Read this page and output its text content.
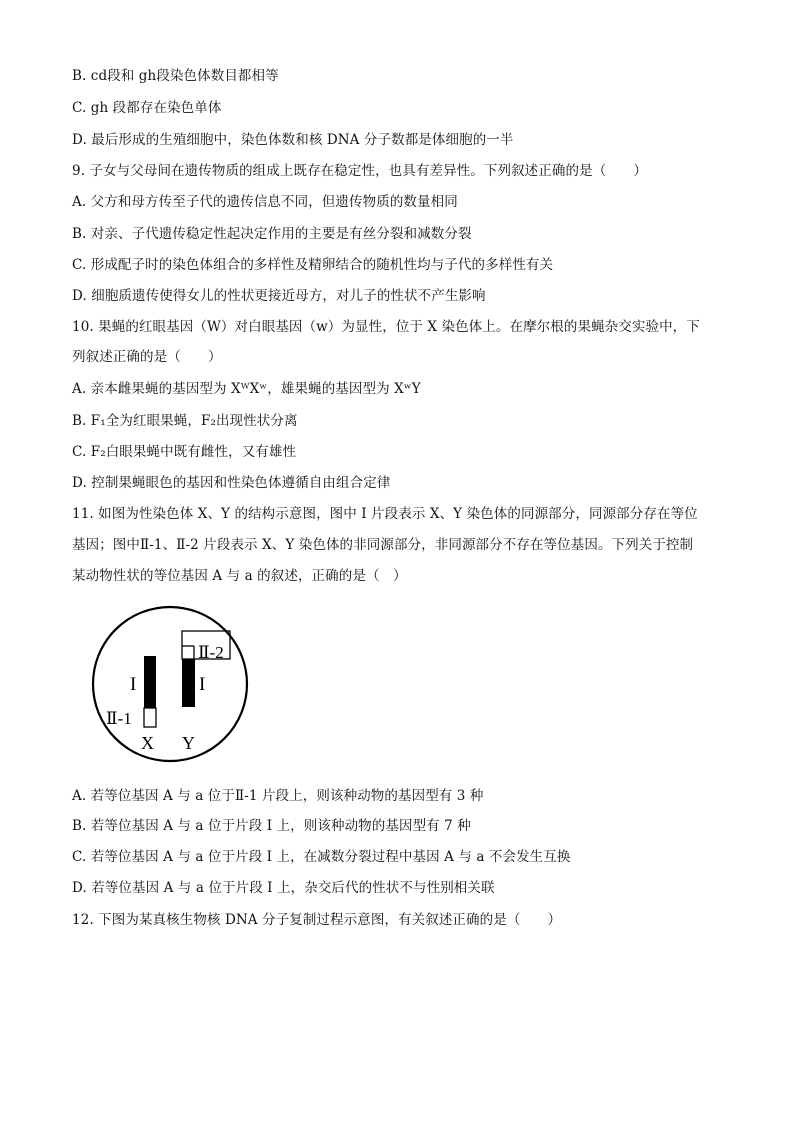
B. cd段和 gh段染色体数目都相等
C. gh 段都存在染色单体
D. 最后形成的生殖细胞中，染色体数和核 DNA 分子数都是体细胞的一半
9. 子女与父母间在遗传物质的组成上既存在稳定性，也具有差异性。下列叙述正确的是（　　）
A. 父方和母方传至子代的遗传信息不同，但遗传物质的数量相同
B. 对亲、子代遗传稳定性起决定作用的主要是有丝分裂和减数分裂
C. 形成配子时的染色体组合的多样性及精卵结合的随机性均与子代的多样性有关
D. 细胞质遗传使得女儿的性状更接近母方，对儿子的性状不产生影响
10. 果蝇的红眼基因（W）对白眼基因（w）为显性，位于 X 染色体上。在摩尔根的果蝇杂交实验中，下
列叙述正确的是（　　）
A. 亲本雌果蝇的基因型为 XᵂXʷ，雄果蝇的基因型为 XʷY
B. F₁全为红眼果蝇，F₂出现性状分离
C. F₂白眼果蝇中既有雌性，又有雄性
D. 控制果蝇眼色的基因和性染色体遵循自由组合定律
11. 如图为性染色体 X、Y 的结构示意图，图中 I 片段表示 X、Y 染色体的同源部分，同源部分存在等位
基因；图中Ⅱ-1、Ⅱ-2 片段表示 X、Y 染色体的非同源部分，非同源部分不存在等位基因。下列关于控制
某动物性状的等位基因 A 与 a 的叙述，正确的是（　）
A. 若等位基因 A 与 a 位于Ⅱ-1 片段上，则该种动物的基因型有 3 种
B. 若等位基因 A 与 a 位于片段 I 上，则该种动物的基因型有 7 种
C. 若等位基因 A 与 a 位于片段 I 上，在减数分裂过程中基因 A 与 a 不会发生互换
D. 若等位基因 A 与 a 位于片段 I 上，杂交后代的性状不与性别相关联
12. 下图为某真核生物核 DNA 分子复制过程示意图，有关叙述正确的是（　　）
I
Ⅱ-1
X
Ⅱ-2
I
Y
